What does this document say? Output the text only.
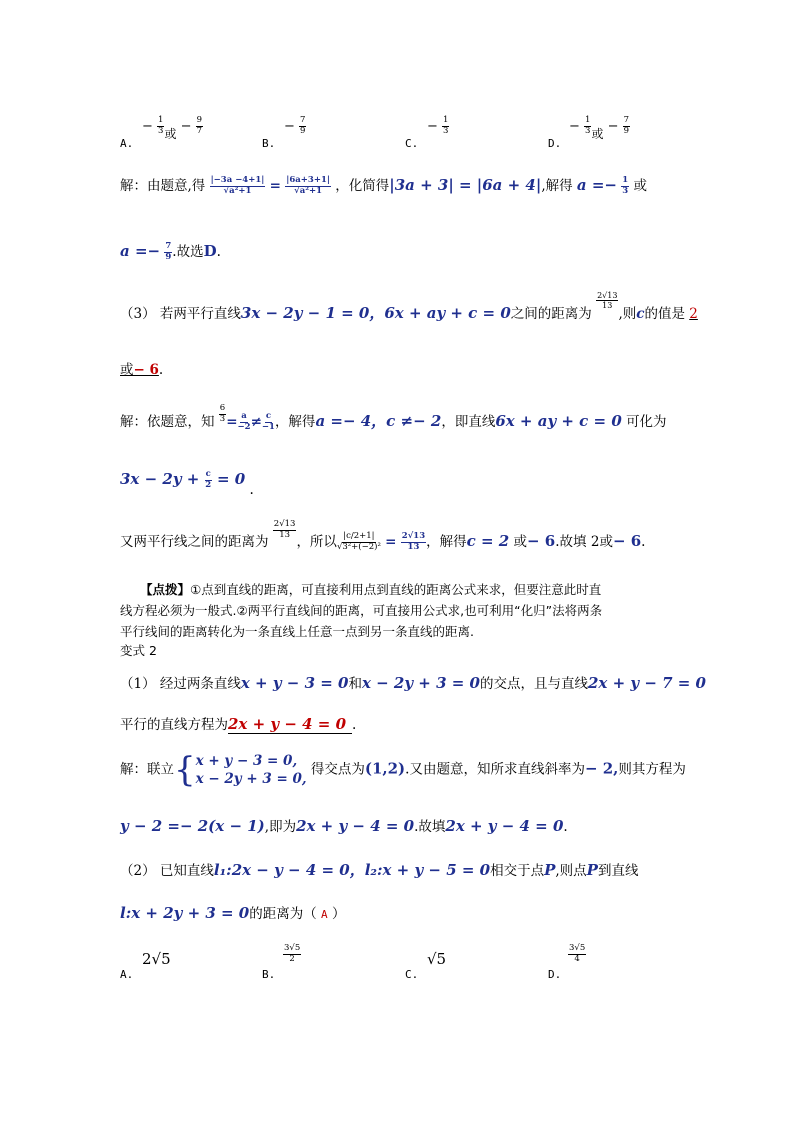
A.
− $\frac{1}{3}$ 或 − $\frac{9}{7}$
B.
− $\frac{7}{9}$
C.
− $\frac{1}{3}$
D.
− $\frac{1}{3}$ 或 − $\frac{7}{9}$
解：由题意,得 $\frac{|-3a -4+1|}{\text{√a²+1}} = \frac{|6a+3+1|}{\text{√a²+1}}$ ，化简得|3a + 3| = |6a + 4|,解得 $a =- \frac{1}{3}$ 或
$a =- \frac{7}{9}$ .故选D.
（3） 若两平行直线3x − 2y − 1 = 0，6x + ay + c = 0之间的距离为
$\frac{2√13}{13}$
,则c的值是 2
或− 6.
解：依题意，知 $\frac{6}{3} = \frac{a}{-2} \ne \frac{c}{-1}$ ，解得a =− 4，c ≠− 2，即直线6x + ay + c = 0 可化为
$3x - 2y + \frac{c}{2} = 0$ .
又两平行线之间的距离为
$\frac{2√13}{13}$
，所以 $\frac{|c/2+1|}{\text{√3²+(−2)²}} = \frac{2√13}{13}$ ，解得c = 2 或− 6.故填 2或− 6.
【点拨】①点到直线的距离，可直接利用点到直线的距离公式来求，但要注意此时直
线方程必须为一般式.②两平行直线间的距离，可直接用公式求,也可利用“化归”法将两条
平行线间的距离转化为一条直线上任意一点到另一条直线的距离.
变式 2
（1） 经过两条直线x + y − 3 = 0和x − 2y + 3 = 0的交点，且与直线2x + y − 7 = 0
平行的直线方程为2x + y − 4 = 0 .
解：联立{ x + y − 3 = 0,
x − 2y + 3 = 0,
得交点为(1,2).又由题意，知所求直线斜率为− 2,则其方程为
y − 2 =− 2(x − 1),即为2x + y − 4 = 0.故填2x + y − 4 = 0.
（2） 已知直线l₁:2x − y − 4 = 0，l₂:x + y − 5 = 0相交于点P,则点P到直线
l:x + 2y + 3 = 0的距离为（ A ）
A.
2√5
B.
$\frac{3√5}{2}$
C.
√5
D.
$\frac{3√5}{4}$
